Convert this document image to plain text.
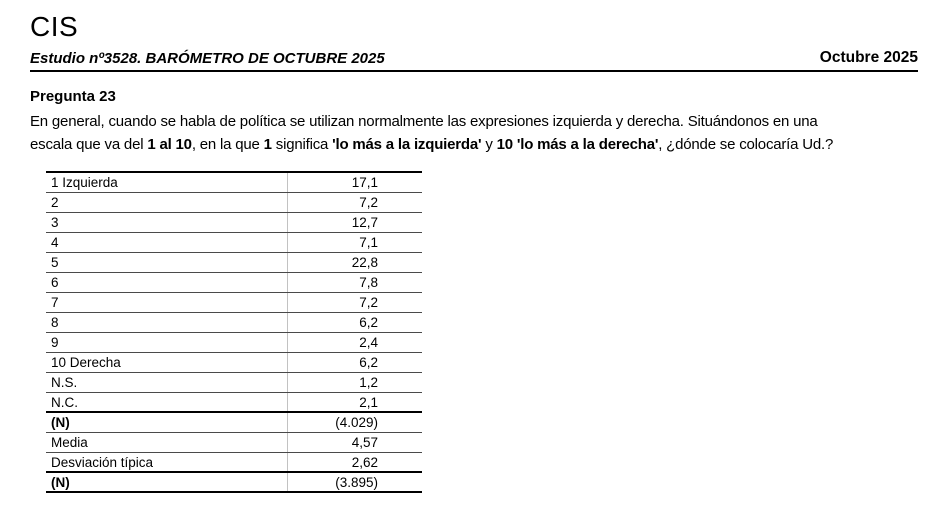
CIS
Estudio nº3528. BARÓMETRO DE OCTUBRE 2025	Octubre 2025
Pregunta 23
En general, cuando se habla de política se utilizan normalmente las expresiones izquierda y derecha. Situándonos en una
escala que va del 1 al 10, en la que 1 significa 'lo más a la izquierda' y 10 'lo más a la derecha', ¿dónde se colocaría Ud.?
1 Izquierda	17,1
2	7,2
3	12,7
4	7,1
5	22,8
6	7,8
7	7,2
8	6,2
9	2,4
10 Derecha	6,2
N.S.	1,2
N.C.	2,1
(N)	(4.029)
Media	4,57
Desviación típica	2,62
(N)	(3.895)
